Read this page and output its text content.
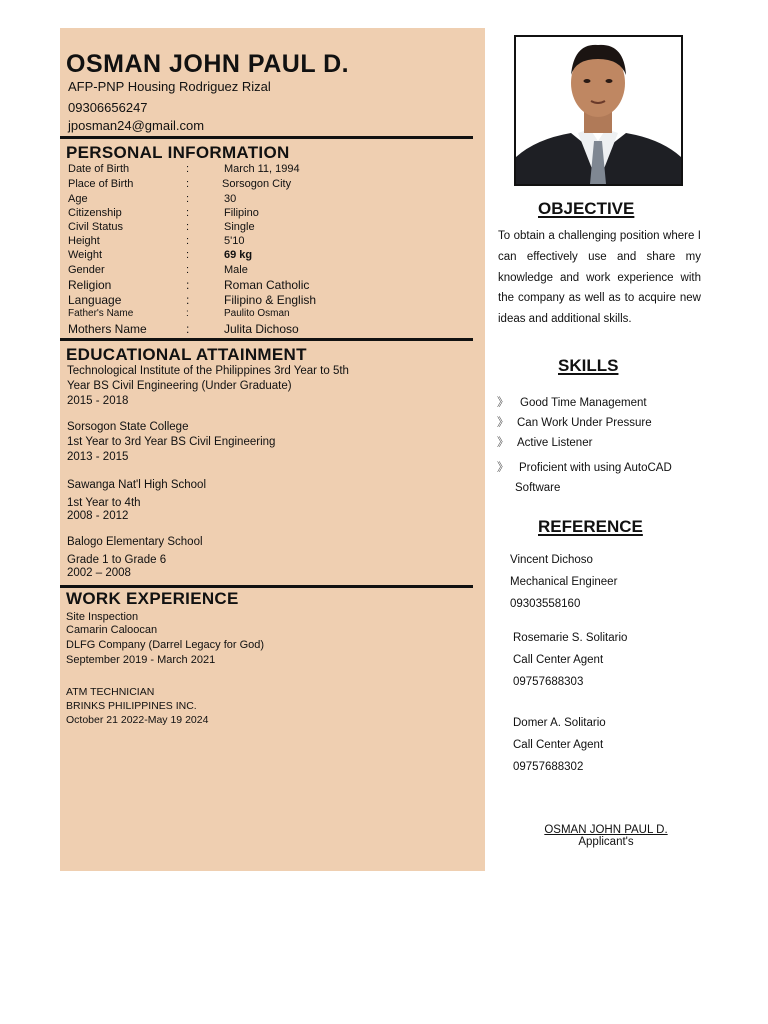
OSMAN JOHN PAUL D.
AFP-PNP Housing Rodriguez Rizal
09306656247
jposman24@gmail.com
PERSONAL INFORMATION
Date of Birth	:	March 11, 1994
Place of Birth	:	Sorsogon City
Age	:	30
Citizenship	:	Filipino
Civil Status	:	Single
Height	:	5'10
Weight	:	69 kg
Gender	:	Male
Religion	:	Roman Catholic
Language	:	Filipino & English
Father's Name	:	Paulito Osman
Mothers Name	:	Julita Dichoso
EDUCATIONAL ATTAINMENT
Technological Institute of the Philippines 3rd Year to 5th
Year BS Civil Engineering (Under Graduate)
2015 - 2018
Sorsogon State College
1st Year to 3rd Year BS Civil Engineering
2013 - 2015
Sawanga Nat'l High School
1st Year to 4th
2008 - 2012
Balogo Elementary School
Grade 1 to Grade 6
2002 – 2008
WORK EXPERIENCE
Site Inspection
Camarin Caloocan
DLFG Company (Darrel Legacy for God)
September 2019 - March 2021
ATM TECHNICIAN
BRINKS PHILIPPINES INC.
October 21 2022-May 19 2024
OBJECTIVE
To obtain a challenging position where I can effectively use and share my knowledge and work experience with the company as well as to acquire new ideas and additional skills.
SKILLS
》 Good Time Management
》 Can Work Under Pressure
》 Active Listener
》 Proficient with using AutoCAD
Software
REFERENCE
Vincent Dichoso
Mechanical Engineer
09303558160
Rosemarie S. Solitario
Call Center Agent
09757688303
Domer A. Solitario
Call Center Agent
09757688302
OSMAN JOHN PAUL D.
Applicant's
